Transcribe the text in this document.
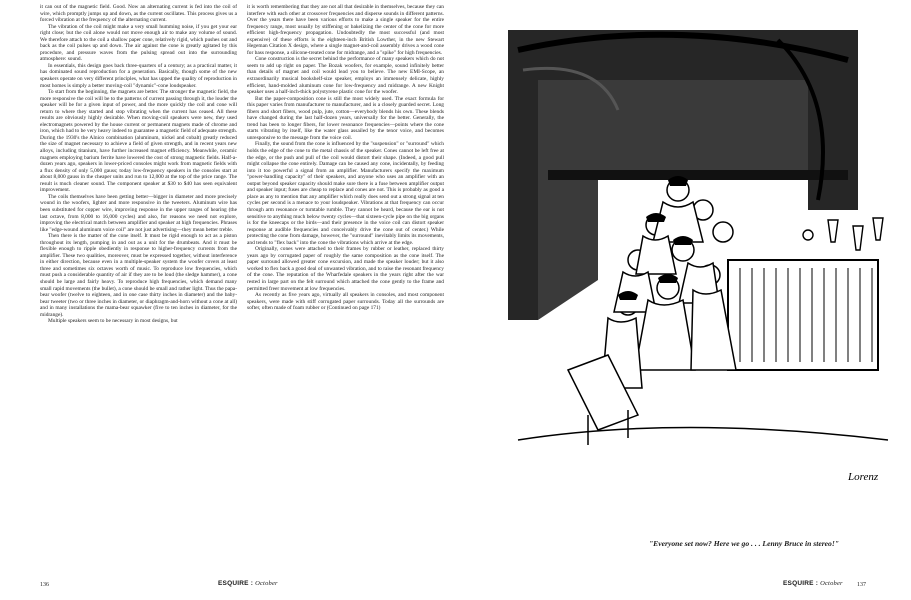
it can out of the magnetic field. Good. Now an alternating current is fed into the coil of wire, which promptly jumps up and down, as the current oscillates. This process gives us a forced vibration at the frequency of the alternating current.

The vibration of the coil might make a very small humming noise, if you get your ear right close; but the coil alone would not move enough air to make any volume of sound. We therefore attach to the coil a shallow paper cone, relatively rigid, which pushes out and back as the coil pulses up and down. The air against the cone is greatly agitated by this procedure, and pressure waves from the pulsing spread out into the surrounding atmosphere: sound.

In essentials, this design goes back three-quarters of a century; as a practical matter, it has dominated sound reproduction for a generation. Basically, though some of the new speakers operate on very different principles, what has upped the quality of reproduction in most homes is simply a better moving-coil "dynamic"-cone loudspeaker.

To start from the beginning, the magnets are better. The stronger the magnetic field, the more responsive the coil will be to the patterns of current passing through it, the louder the speaker will be for a given input of power, and the more quickly the coil and cone will return to where they started and stop vibrating when the current has ceased. All these results are obviously highly desirable. When moving-coil speakers were new, they used electromagnets powered by the house current or permanent magnets made of chrome and iron, which had to be very heavy indeed to guarantee a magnetic field of adequate strength. During the 1930's the Alnico combination (aluminum, nickel and cobalt) greatly reduced the size of magnet necessary to achieve a field of given strength, and in recent years new alloys, including titanium, have further increased magnet efficiency. Meanwhile, ceramic magnets employing barium ferrite have lowered the cost of strong magnetic fields. Half-a-dozen years ago, speakers in lower-priced consoles might work from magnetic fields with a flux density of only 5,000 gauss; today low-frequency speakers in the consoles start at about 8,000 gauss in the cheaper units and run to 12,000 at the top of the price range. The result is much cleaner sound. The component speaker at $30 to $40 has seen equivalent improvement.

The coils themselves have been getting better—bigger in diameter and more precisely wound in the woofers, lighter and more responsive in the tweeters. Aluminum wire has been substituted for copper wire, improving response in the upper ranges of hearing (the last octave, from 8,000 to 16,000 cycles) and also, for reasons we need not explore, improving the electrical match between amplifier and speaker at high frequencies. Phrases like "edge-wound aluminum voice coil" are not just advertising—they mean better treble.

Then there is the matter of the cone itself. It must be rigid enough to act as a piston throughout its length, pumping in and out as a unit for the drumbeats. And it must be flexible enough to ripple obediently in response to higher-frequency currents from the amplifier. These two qualities, moreover, must be expressed together, without interference in either direction, because even in a multiple-speaker system the woofer covers at least three and sometimes six octaves worth of music. To reproduce low frequencies, which must push a considerable quantity of air if they are to be loud (the sledge hammer), a cone should be large and fairly heavy. To reproduce high frequencies, which demand many small rapid movements (the bullet), a cone should be small and rather light. Thus the papa-bear woofer (twelve to eighteen, and in one case thirty inches in diameter) and the baby-bear tweeter (two or three inches in diameter, or diaphragm-and-horn without a cone at all) and in many installations the mama-bear squawker (five to ten inches in diameter, for the midrange).

Multiple speakers seem to be necessary in most designs, but

it is worth remembering that they are not all that desirable in themselves, because they can interfere with each other at crossover frequencies and disperse sounds in different patterns. Over the years there have been various efforts to make a single speaker for the entire frequency range, most usually by stiffening or bakelizing the center of the cone for more efficient high-frequency propagation. Undoubtedly the most successful (and most expensive) of these efforts is the eighteen-inch British Lowther, in the new Stewart Hegeman Citation X design, where a single magnet-and-coil assembly drives a wood cone for bass response, a silicone-treated cone for midrange, and a "spike" for high frequencies.

Cone construction is the secret behind the performance of many speakers which do not seem to add up right on paper. The Bozak woofers, for example, sound infinitely better than details of magnet and coil would lead you to believe. The new EMI-Scope, an extraordinarily musical bookshelf-size speaker, employs an immensely delicate, highly efficient, hand-molded aluminum cone for low-frequency and midrange. A new Knight speaker uses a half-inch-thick polystyrene plastic cone for the woofer.

But the paper-composition cone is still the most widely used. The exact formula for this paper varies from manufacturer to manufacturer, and is a closely guarded secret. Long fibers and short fibers, wood pulp, jute, cotton—everybody blends his own. These blends have changed during the last half-dozen years, universally for the better. Generally, the trend has been to longer fibers, for lower resonance frequencies—points where the cone starts vibrating by itself, like the water glass assailed by the tenor voice, and becomes unresponsive to the message from the voice coil.

Finally, the sound from the cone is influenced by the "suspension" or "surround" which holds the edge of the cone to the metal chassis of the speaker. Cones cannot be left free at the edge, or the push and pull of the coil would distort their shape. (Indeed, a good pull might collapse the cone entirely. Damage can be caused any cone, incidentally, by feeding into it too powerful a signal from an amplifier. Manufacturers specify the maximum "power-handling capacity" of their speakers, and anyone who uses an amplifier with an output beyond speaker capacity should make sure there is a fuse between amplifier output and speaker input; fuses are cheap to replace and cones are not. This is probably as good a place as any to mention that any amplifier which really does send out a strong signal at ten cycles per second is a menace to your loudspeaker. Vibrations at that frequency can occur through arm resonance or turntable rumble. They cannot be heard, because the ear is not sensitive to anything much below twenty cycles—that sixteen-cycle pipe on the big organs is for the kneecaps or the birds—and their presence in the voice coil can distort speaker response at audible frequencies and conceivably drive the cone out of center.) While protecting the cone from damage, however, the "surround" inevitably limits its movements, and tends to "flex back" into the cone the vibrations which arrive at the edge.

Originally, cones were attached to their frames by rubber or leather, replaced thirty years ago by corrugated paper of roughly the same composition as the cone itself. The paper surround allowed greater cone excursion, and made the speaker louder; but it also worked to flex back a good deal of unwanted vibration, and to raise the resonant frequency of the cone. The reputation of the Wharfedale speakers in the years right after the war rested in large part on the felt surround which attached the cone gently to the frame and permitted freer movement at low frequencies.

As recently as five years ago, virtually all speakers in consoles, and most component speakers, were made with stiff corrugated paper surrounds. Today all the surrounds are softer, often made of foam rubber or (Continued on page 171)

Lorenz
"Everyone set now? Here we go . . . Lenny Bruce in stereo!"
136	ESQUIRE : October	ESQUIRE : October 137
